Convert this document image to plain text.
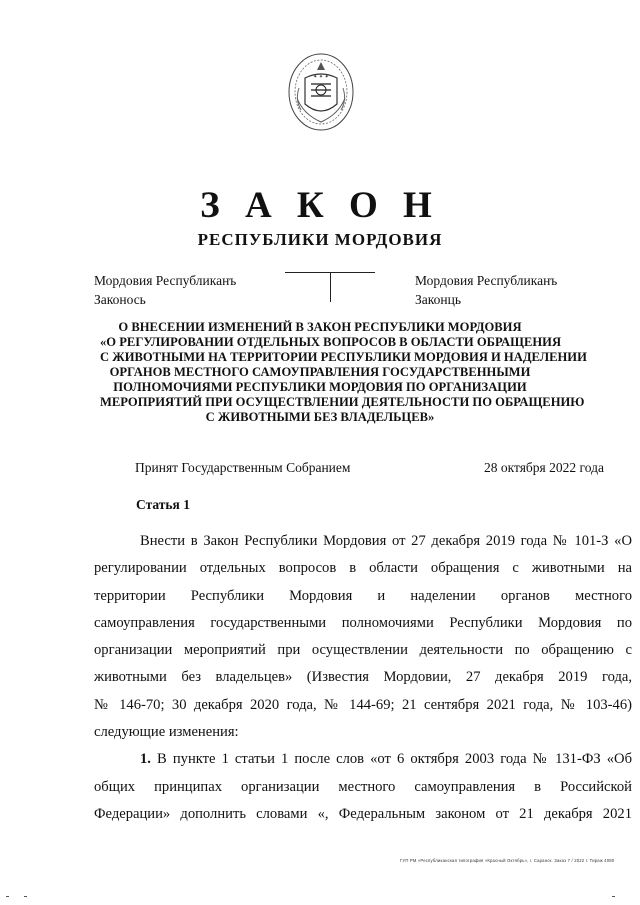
✦ ✦ ✦
З А К О Н
РЕСПУБЛИКИ МОРДОВИЯ
Мордовия Республиканъ
Законось
Мордовия Республиканъ
Законць
О ВНЕСЕНИИ ИЗМЕНЕНИЙ В ЗАКОН РЕСПУБЛИКИ МОРДОВИЯ
«О РЕГУЛИРОВАНИИ ОТДЕЛЬНЫХ ВОПРОСОВ В ОБЛАСТИ ОБРАЩЕНИЯ
С ЖИВОТНЫМИ НА ТЕРРИТОРИИ РЕСПУБЛИКИ МОРДОВИЯ И НАДЕЛЕНИИ
ОРГАНОВ МЕСТНОГО САМОУПРАВЛЕНИЯ ГОСУДАРСТВЕННЫМИ
ПОЛНОМОЧИЯМИ РЕСПУБЛИКИ МОРДОВИЯ ПО ОРГАНИЗАЦИИ
МЕРОПРИЯТИЙ ПРИ ОСУЩЕСТВЛЕНИИ ДЕЯТЕЛЬНОСТИ ПО ОБРАЩЕНИЮ
С ЖИВОТНЫМИ БЕЗ ВЛАДЕЛЬЦЕВ»
Принят Государственным Собранием	28 октября 2022 года
Статья 1
Внести в Закон Республики Мордовия от 27 декабря 2019 года № 101-З «О
регулировании отдельных вопросов в области обращения с животными на
территории Республики Мордовия и наделении органов местного
самоуправления государственными полномочиями Республики Мордовия по
организации мероприятий при осуществлении деятельности по обращению с
животными без владельцев» (Известия Мордовии, 27 декабря 2019 года,
№ 146-70; 30 декабря 2020 года, № 144-69; 21 сентября 2021 года, № 103-46)
следующие изменения:
1. В пункте 1 статьи 1 после слов «от 6 октября 2003 года № 131-ФЗ «Об
общих принципах организации местного самоуправления в Российской
Федерации» дополнить словами «, Федеральным законом от 21 декабря 2021
ГУП РМ «Республиканская типография «Красный Октябрь», г. Саранск. Заказ 7 / 2022 г. Тираж 4080
